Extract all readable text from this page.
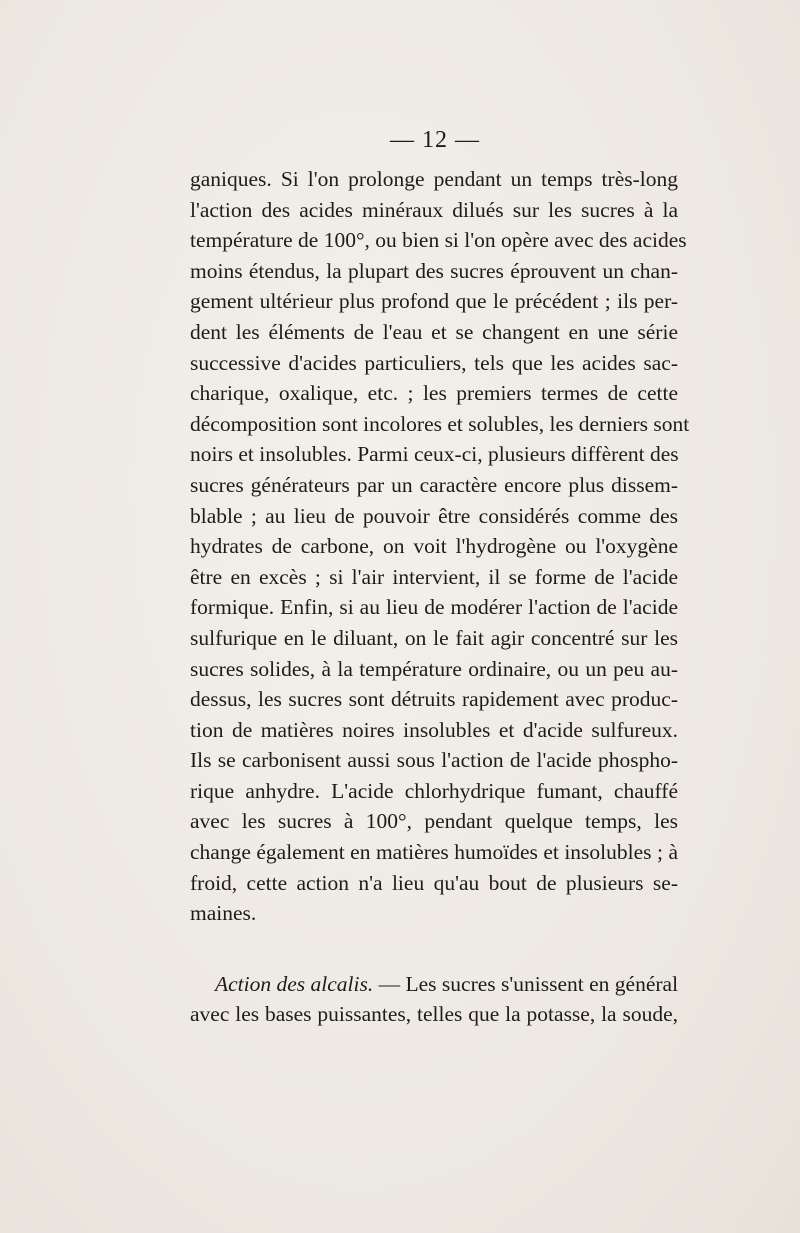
— 12 —
ganiques. Si l'on prolonge pendant un temps très-long
l'action des acides minéraux dilués sur les sucres à la
température de 100°, ou bien si l'on opère avec des acides
moins étendus, la plupart des sucres éprouvent un chan-
gement ultérieur plus profond que le précédent ; ils per-
dent les éléments de l'eau et se changent en une série
successive d'acides particuliers, tels que les acides sac-
charique, oxalique, etc. ; les premiers termes de cette
décomposition sont incolores et solubles, les derniers sont
noirs et insolubles. Parmi ceux-ci, plusieurs diffèrent des
sucres générateurs par un caractère encore plus dissem-
blable ; au lieu de pouvoir être considérés comme des
hydrates de carbone, on voit l'hydrogène ou l'oxygène
être en excès ; si l'air intervient, il se forme de l'acide
formique. Enfin, si au lieu de modérer l'action de l'acide
sulfurique en le diluant, on le fait agir concentré sur les
sucres solides, à la température ordinaire, ou un peu au-
dessus, les sucres sont détruits rapidement avec produc-
tion de matières noires insolubles et d'acide sulfureux.
Ils se carbonisent aussi sous l'action de l'acide phospho-
rique anhydre. L'acide chlorhydrique fumant, chauffé
avec les sucres à 100°, pendant quelque temps, les
change également en matières humoïdes et insolubles ; à
froid, cette action n'a lieu qu'au bout de plusieurs se-
maines.
Action des alcalis. — Les sucres s'unissent en général
avec les bases puissantes, telles que la potasse, la soude,
